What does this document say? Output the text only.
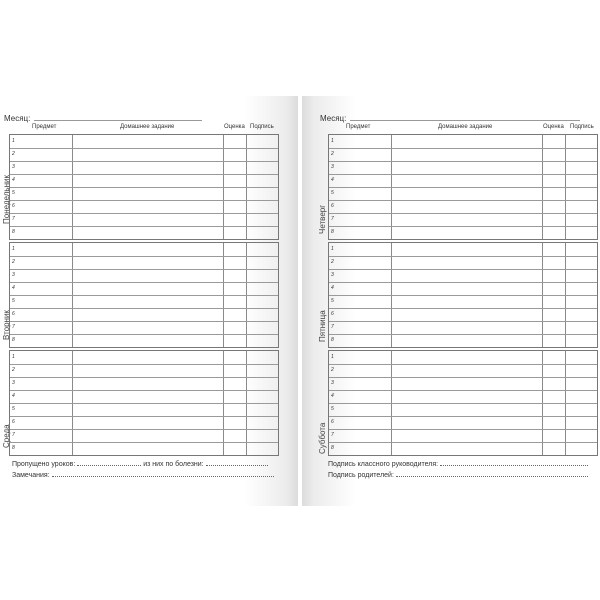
Месяц:
Предмет	Домашнее задание	Оценка Подпись
Понедельник
1
2
3
4
5
6
7
8
Вторник
1
2
3
4
5
6
7
8
Среда
1
2
3
4
5
6
7
8
Пропущено уроков:	из них по болезни:
Замечания:
Месяц:
Предмет	Домашнее задание	Оценка Подпись
Четверг
1
2
3
4
5
6
7
8
Пятница
1
2
3
4
5
6
7
8
Суббота
1
2
3
4
5
6
7
8
Подпись классного руководителя:
Подпись родителей:
